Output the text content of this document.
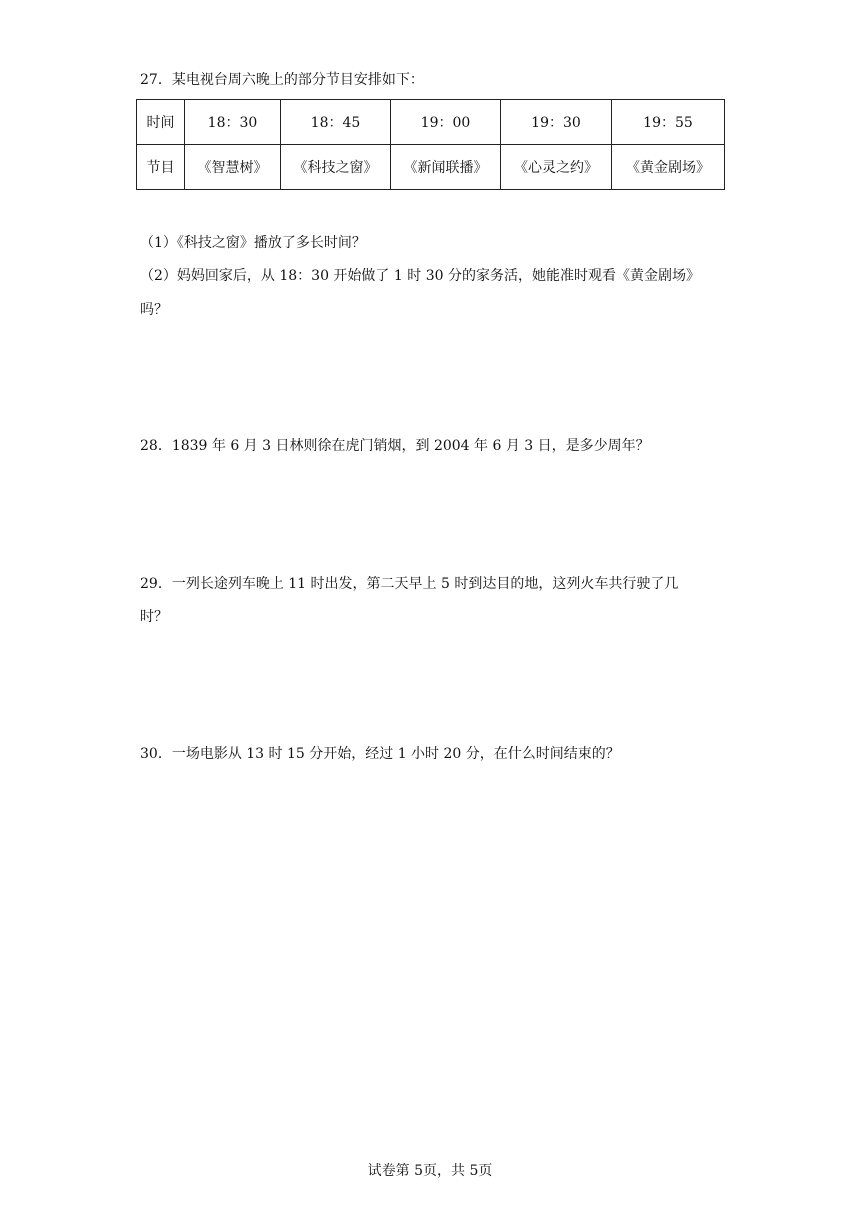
27．某电视台周六晚上的部分节目安排如下：
时间	18：30	18：45	19：00	19：30	19：55
节目	《智慧树》	《科技之窗》	《新闻联播》	《心灵之约》	《黄金剧场》
（1）《科技之窗》播放了多长时间？
（2）妈妈回家后，从 18：30 开始做了 1 时 30 分的家务活，她能准时观看《黄金剧场》
吗？
28．1839 年 6 月 3 日林则徐在虎门销烟，到 2004 年 6 月 3 日，是多少周年？
29．一列长途列车晚上 11 时出发，第二天早上 5 时到达目的地，这列火车共行驶了几
时？
30．一场电影从 13 时 15 分开始，经过 1 小时 20 分，在什么时间结束的？
试卷第 5页，共 5页
